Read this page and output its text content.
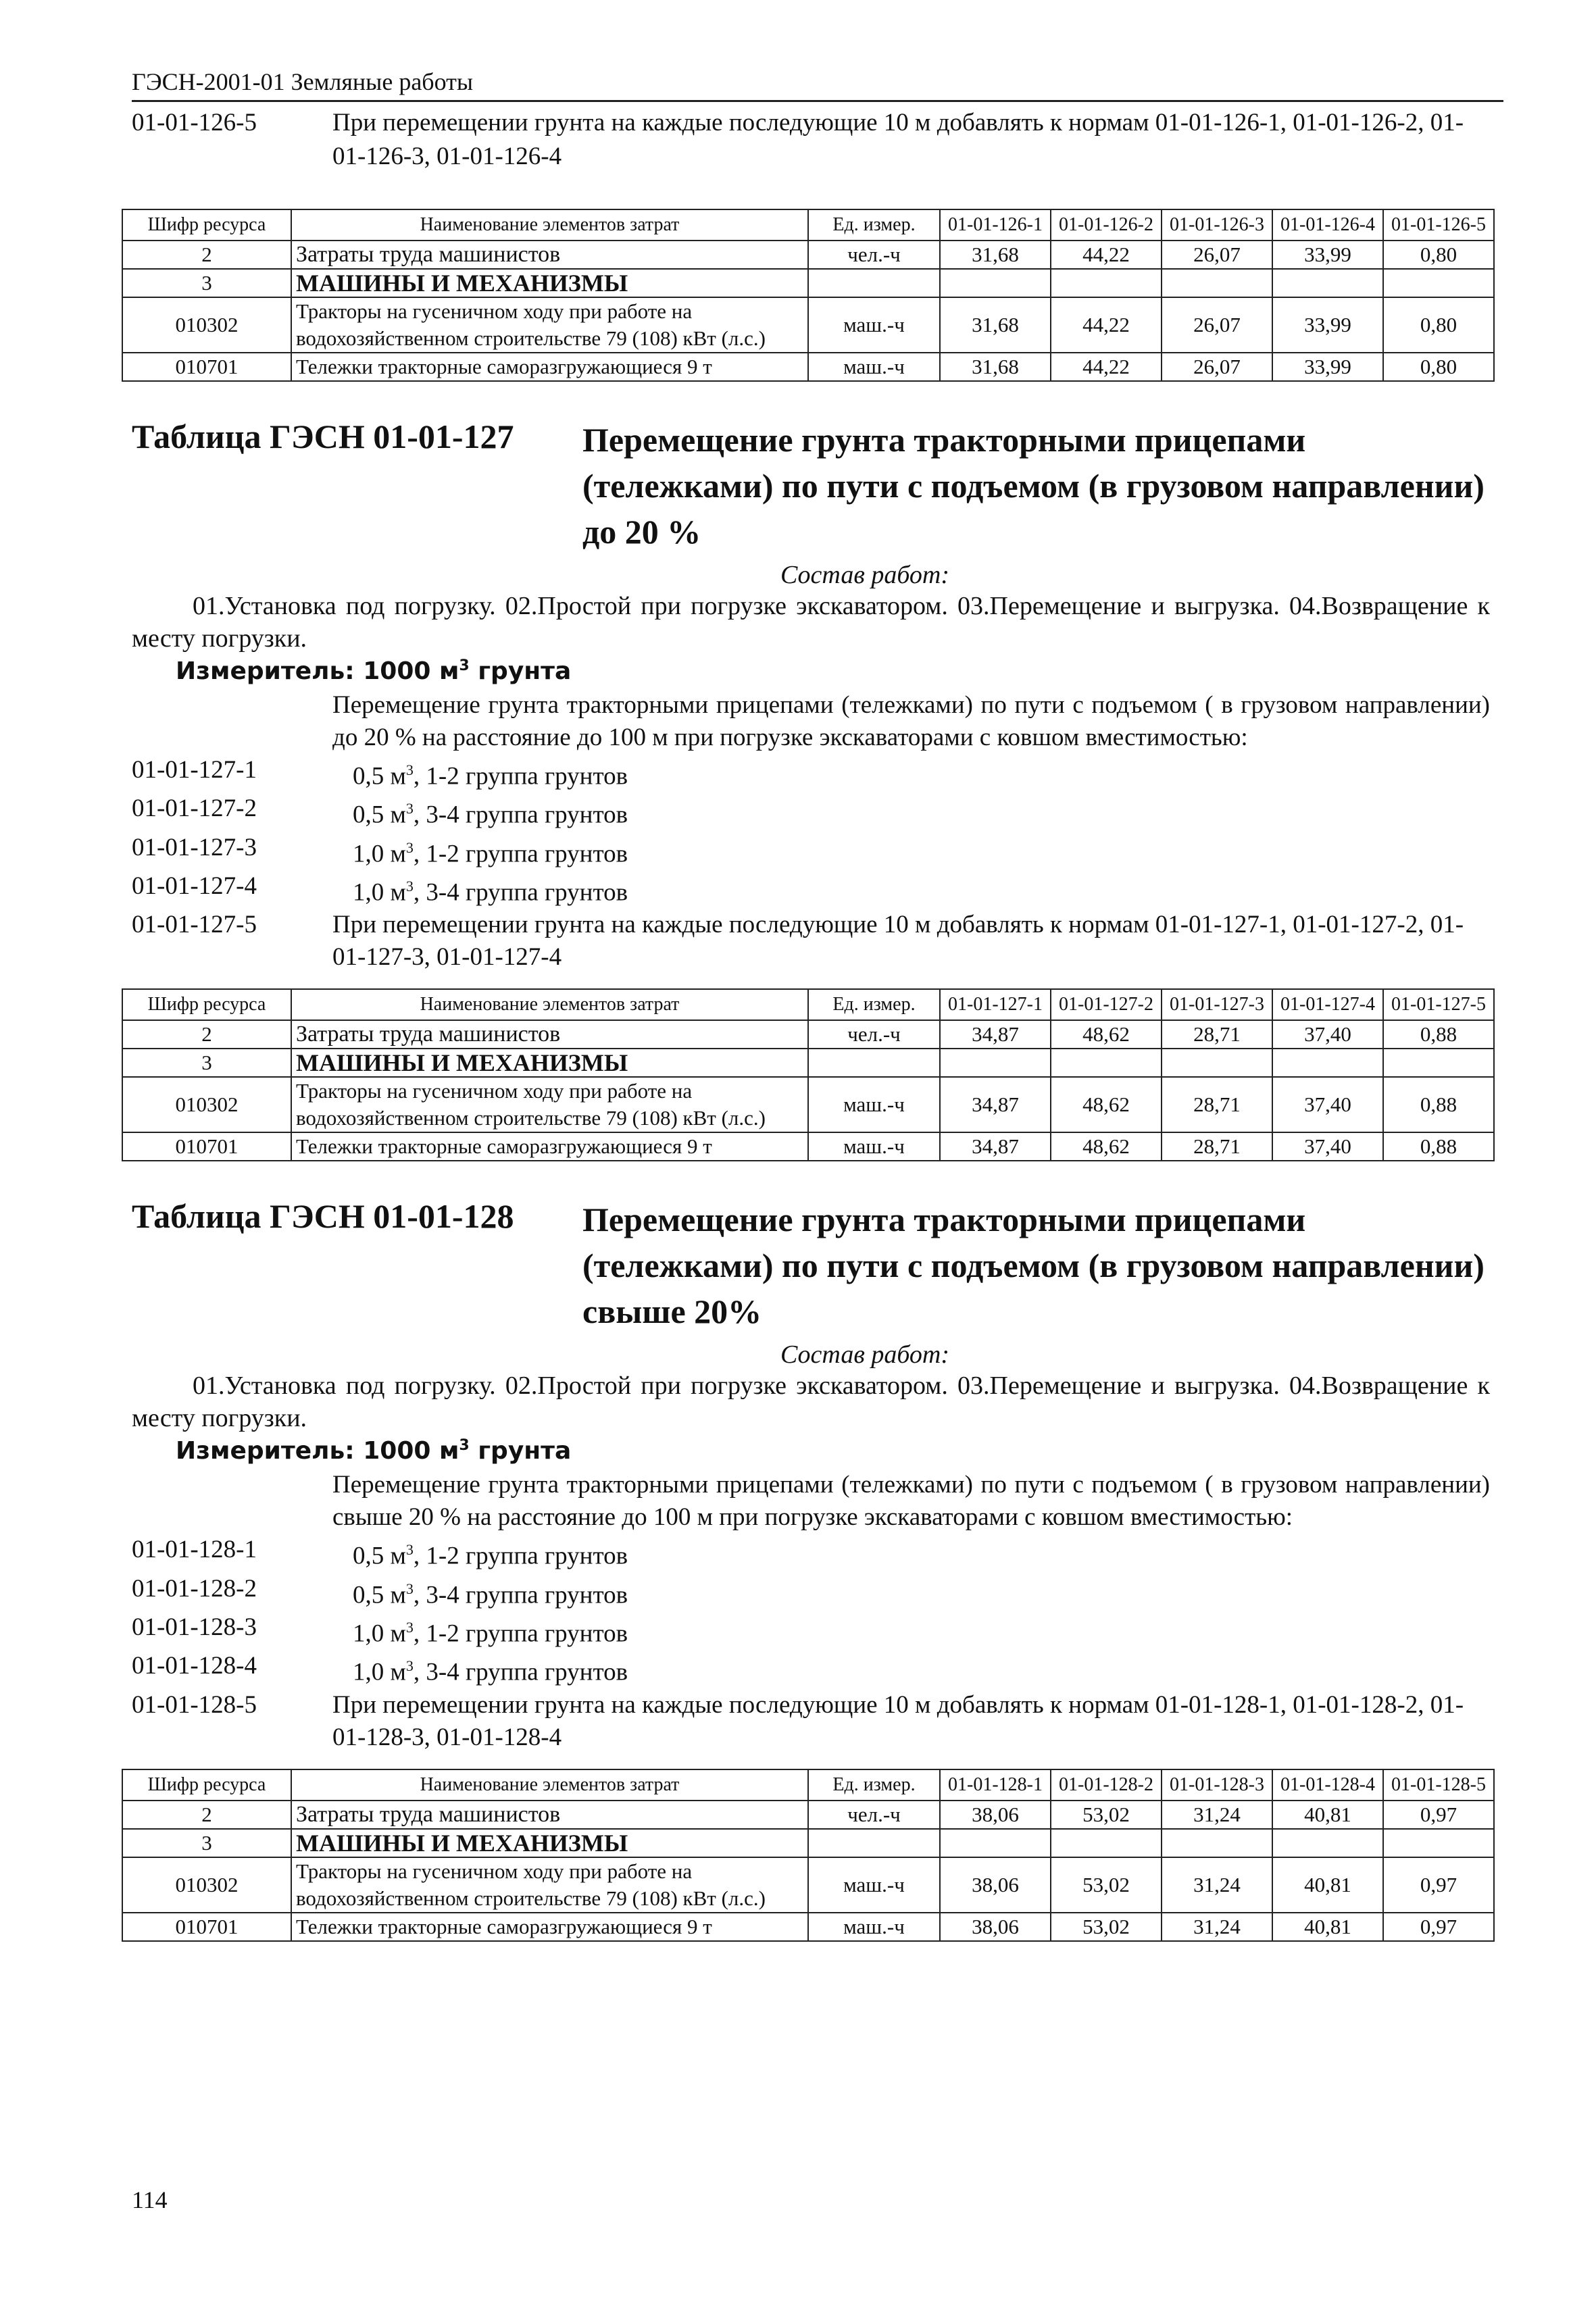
ГЭСН-2001-01 Земляные работы
01-01-126-5	При перемещении грунта на каждые последующие 10 м добавлять к нормам 01-01-126-1, 01-01-126-2, 01-01-126-3, 01-01-126-4
Шифр ресурса	Наименование элементов затрат	Ед. измер.	01-01-126-1	01-01-126-2	01-01-126-3	01-01-126-4	01-01-126-5
2	Затраты труда машинистов	чел.-ч	31,68	44,22	26,07	33,99	0,80
3	МАШИНЫ И МЕХАНИЗМЫ						
010302	Тракторы на гусеничном ходу при работе на водохозяйственном строительстве 79 (108) кВт (л.с.)	маш.-ч	31,68	44,22	26,07	33,99	0,80
010701	Тележки тракторные саморазгружающиеся 9 т	маш.-ч	31,68	44,22	26,07	33,99	0,80
Таблица ГЭСН 01-01-127	Перемещение грунта тракторными прицепами (тележками) по пути с подъемом (в грузовом направлении) до 20 %
Состав работ:
01.Установка под погрузку. 02.Простой при погрузке экскаватором. 03.Перемещение и выгрузка. 04.Возвращение к месту погрузки.
Измеритель: 1000 $м^3$ грунта
Перемещение грунта тракторными прицепами (тележками) по пути с подъемом ( в грузовом направлении) до 20 % на расстояние до 100 м при погрузке экскаваторами с ковшом вместимостью:
01-01-127-1	0,5 $м^3$, 1-2 группа грунтов
01-01-127-2	0,5 $м^3$, 3-4 группа грунтов
01-01-127-3	1,0 $м^3$, 1-2 группа грунтов
01-01-127-4	1,0 $м^3$, 3-4 группа грунтов
01-01-127-5	При перемещении грунта на каждые последующие 10 м добавлять к нормам 01-01-127-1, 01-01-127-2, 01-01-127-3, 01-01-127-4
Шифр ресурса	Наименование элементов затрат	Ед. измер.	01-01-127-1	01-01-127-2	01-01-127-3	01-01-127-4	01-01-127-5
2	Затраты труда машинистов	чел.-ч	34,87	48,62	28,71	37,40	0,88
3	МАШИНЫ И МЕХАНИЗМЫ						
010302	Тракторы на гусеничном ходу при работе на водохозяйственном строительстве 79 (108) кВт (л.с.)	маш.-ч	34,87	48,62	28,71	37,40	0,88
010701	Тележки тракторные саморазгружающиеся 9 т	маш.-ч	34,87	48,62	28,71	37,40	0,88
Таблица ГЭСН 01-01-128	Перемещение грунта тракторными прицепами (тележками) по пути с подъемом (в грузовом направлении) свыше 20%
Состав работ:
01.Установка под погрузку. 02.Простой при погрузке экскаватором. 03.Перемещение и выгрузка. 04.Возвращение к месту погрузки.
Измеритель: 1000 $м^3$ грунта
Перемещение грунта тракторными прицепами (тележками) по пути с подъемом ( в грузовом направлении) свыше 20 % на расстояние до 100 м при погрузке экскаваторами с ковшом вместимостью:
01-01-128-1	0,5 $м^3$, 1-2 группа грунтов
01-01-128-2	0,5 $м^3$, 3-4 группа грунтов
01-01-128-3	1,0 $м^3$, 1-2 группа грунтов
01-01-128-4	1,0 $м^3$, 3-4 группа грунтов
01-01-128-5	При перемещении грунта на каждые последующие 10 м добавлять к нормам 01-01-128-1, 01-01-128-2, 01-01-128-3, 01-01-128-4
Шифр ресурса	Наименование элементов затрат	Ед. измер.	01-01-128-1	01-01-128-2	01-01-128-3	01-01-128-4	01-01-128-5
2	Затраты труда машинистов	чел.-ч	38,06	53,02	31,24	40,81	0,97
3	МАШИНЫ И МЕХАНИЗМЫ						
010302	Тракторы на гусеничном ходу при работе на водохозяйственном строительстве 79 (108) кВт (л.с.)	маш.-ч	38,06	53,02	31,24	40,81	0,97
010701	Тележки тракторные саморазгружающиеся 9 т	маш.-ч	38,06	53,02	31,24	40,81	0,97
114
